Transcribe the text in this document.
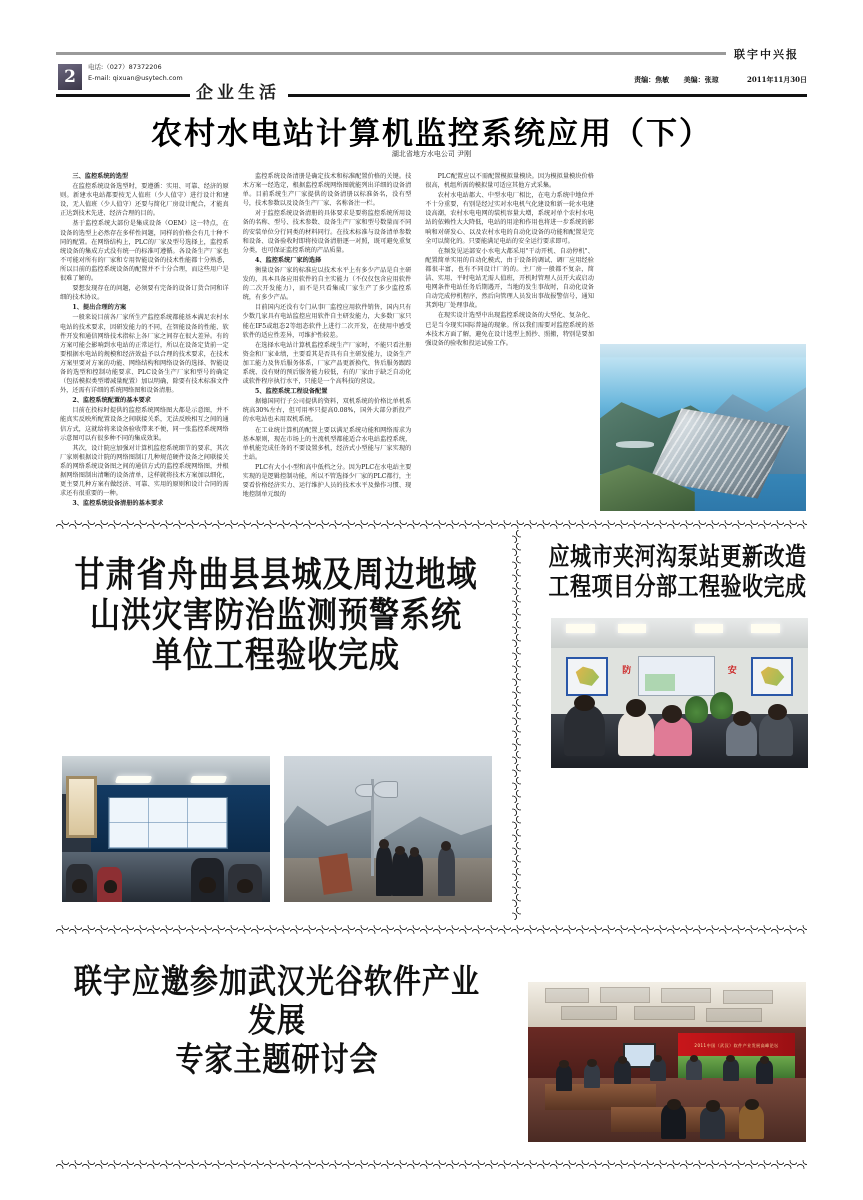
联宇中兴报
2	电话:（027）87372206
E-mail: qixuan@usytech.com
企业生活
责编：焦敏 美编：张琼	2011年11月30日
农村水电站计算机监控系统应用（下）
湖北省地方水电公司 尹刚

三、监控系统的选型

在监控系统设备选型时，要遵循：实用、可靠、经济的原则。新建水电站都要按无人值班（少人值守）进行设计和建设，无人值班（少人值守）还要与简化厂房设计配合，才能真正达到技术先进、经济合理的目的。

基于监控系统大部份是集成设备（OEM）这一特点，在设备的选型上必然存在多样性问题，同样的价格会有几十种不同的配置。在网络结构上，PLC的厂家及型号选择上，监控系统设备的集成方式没有统一的标准可遵循。各设备生产厂家也不可能对所有的厂家和专用智能设备的技术性能都十分熟悉，所以目前的监控系统设备的配置并不十分合理，而这些用户是很难了解的。

要想发现存在的问题，必须要有完备的设备订货合同和详细的技术协议。

1、提出合理的方案

一般来说目前各厂家所生产监控系统都能基本满足农村水电站的技术要求，因研发能力的不同，在智能设备的性能、软件开发和通信网络技术指标上各厂家之间存在很大差异。有的方案可能会影响到水电站的正常运行，所以在设备定货前一定要根据水电站的规模和经济效益予以合理的技术要求，在技术方案里要对方案的功能、网络结构和网络设备的选择、智能设备的选型和控制功能要求、PLC设备生产厂家和型号的确定（包括模拟类型增减量配置）加以明确，除要有技术标准文件外，还需有详细的系统网络图和设备清册。

2、监控系统配置的基本要求

目前在投标时提供的监控系统网络图大都是示意图，并不能真实反映所配置设备之间联接关系，无法反映相互之间的通信方式，这就给将来设备验收带来不便，同一张监控系统网络示意图可以有很多种不同的集成效果。

其次，设计院应加强对计算机监控系统细节的要求，其次厂家则根据设计院的网络图制订几种规范硬件设备之间联接关系的网络系统设备图之间的通信方式的监控系统网络图，并根据网络图制出清晰的设备清单，这样就将技术方案加以细化，更主要几种方案有做经济、可靠、实用的原则和设计合同的需求还有很重要的一种。

3、监控系统设备清册的基本要求

监控系统设备清册是确定技术和标准配置价格的关键。技术方案一经选定，根据监控系统网络图就能列出详细的设备清单。目前系统生产厂家提供的设备清册以标准备名，没有型号，技术参数以及设备生产厂家、名称备注一栏。

对于监控系统设备清册的具体要求是要将监控系统所用设备的名称、型号、技术参数、设备生产厂家和型号数量而不同的安装单位分行同类的材料同行。在技术标准与设备清单参数和设备、设备验收时即将按设备清册逐一对照，既可避免重复分类，也可保证监控系统的产品质量。

4、监控系统厂家的选择

衡量设备厂家的标准应以技术水平上有多少产品是自主研发的，具本具备应用软件的自主实能力（不仅仅包含应用软件的二次开发能力），而不是只看集成厂家生产了多少监控系统，有多少产品。

目前国内还没有专门从事厂监控应用软件销售，国内只有少数几家具有电站监控应用软件自主研发能力，大多数厂家只能在IF5或组态2等组态软件上进行二次开发，在使用中感受软件的适应性差异，可维护性较差。

在选择水电站计算机监控系统生产厂家时，不能只看注册资金和厂家业绩，主要看其是否具有自主研发能力，设备生产加工能力及售后服务体系，厂家产品更新换代、售后服务跟踪系统、没有财的预后服务能力较低，有的厂家由于缺乏自动化或软件程序执行水平，只能是一个高科技的营设。

5、监控系统工程设备配置

据德国同行子公司提供的资料，双机系统的价格比单机系统高30%左右，但可用率只提高0.08%，国外大部分新投产的水电站也未用双机系统。

在工业统计算机的配置上要以满足系统功能和网络需求为基本原则，现在市场上的主流机型都能适合水电站监控系统，单机能完成任务的不要设置多机，经济式小型能与厂家实现的主站。

PLC有大小小型和高中低档之分。因为PLC在水电站主要实现的是逻辑控制功能，所以不管选择少厂家的PLC都行，主要看价格经济实力、运行维护人员的技术水平及操作习惯、现地控制单元级的

PLC配置应以不需配置模拟量模块。因为模拟量模块价格很高，机组所需的模拟量可适应其他方式采集。

农村水电站都大、中型水电厂相比，在电力系统中地位并不十分重要，有别是经过实对水电机气化建设和新一轮水电建设高潮，农村水电电网的装机容量大增，系统对单个农村水电站的依赖性大大降低，电站的用途和作用也将进一步系统的影响和对研发心、以及农村水电的自动化设备的功能和配置是完全可以简化的。只要能满足电站的安全运行要求即可。

在频发见运部安小水电大都采用"干动开机、自动停机"、配置简单实用的自动化模式，由于设备的调试、调厂应用经验都很丰富，也有不同设计厂的的。主厂房一般都不复杂，简洁、实用、平时电站无需人值班，开机时管理人员开大或启动电网条件电站任务后期遇开，当地的发生事故时，自动化设备自动完成停机程序，然后向管理人员发出事故报警信号，通知其到电厂处理事故。

在现实设计选型中出现监控系统设备的大型化、复杂化、已是当今现实国际普遍的现象。所以我们需要对监控系统的基本技术方面了解，避免在设计选型上照抄、照搬，特别是要加强设备的验收和投运试验工作。

甘肃省舟曲县县城及周边地域
山洪灾害防治监测预警系统
单位工程验收完成
应城市夹河沟泵站更新改造
工程项目分部工程验收完成
防	安
联宇应邀参加武汉光谷软件产业发展
专家主题研讨会	2011中国（武汉）软件产业发展高峰论坛
